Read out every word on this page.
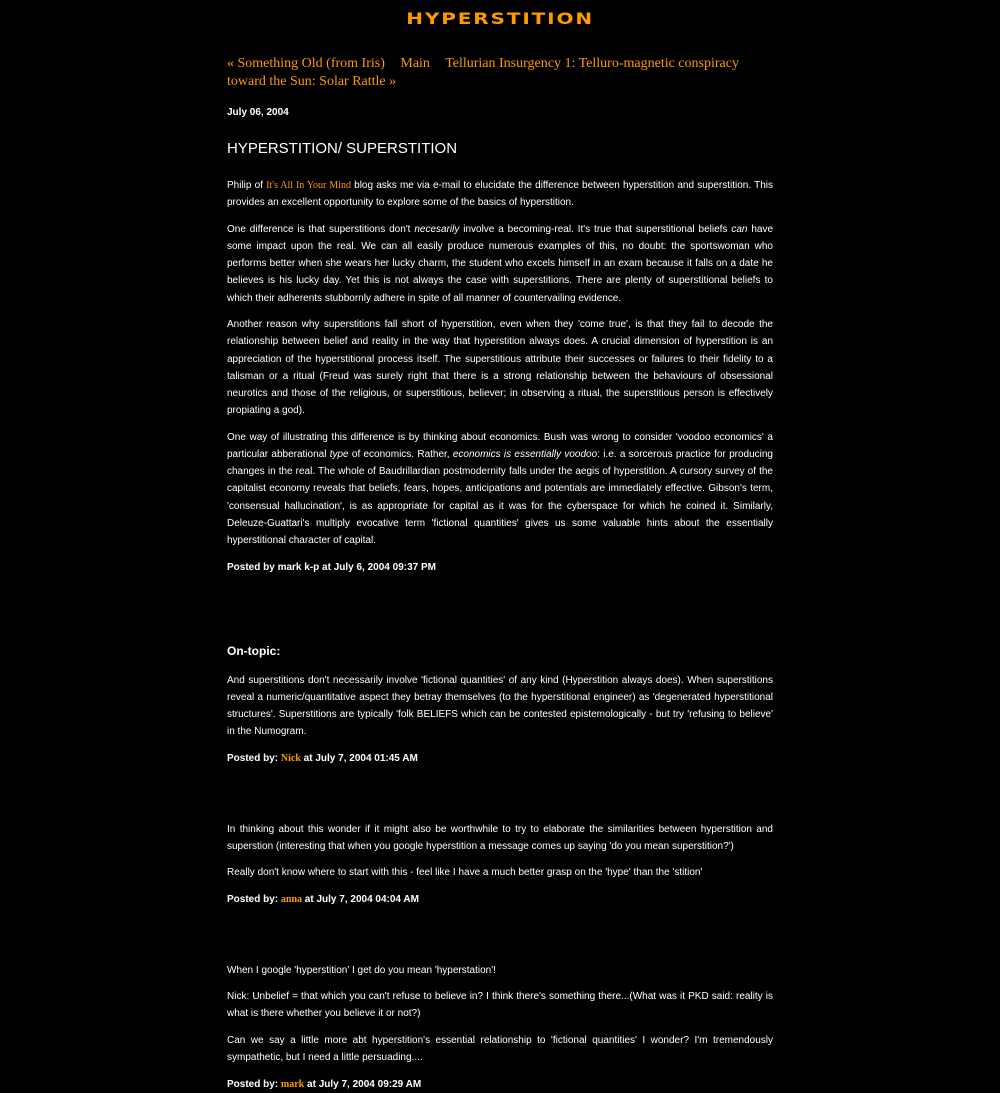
HYPERSTITION
« Something Old (from Iris) Main Tellurian Insurgency 1: Telluro-magnetic conspiracy toward the Sun: Solar Rattle »
July 06, 2004
HYPERSTITION/ SUPERSTITION

Philip of It's All In Your Mind blog asks me via e-mail to elucidate the difference between hyperstition and superstition. This provides an excellent opportunity to explore some of the basics of hyperstition.

One difference is that superstitions don't necesarily involve a becoming-real. It's true that superstitional beliefs can have some impact upon the real. We can all easily produce numerous examples of this, no doubt: the sportswoman who performs better when she wears her lucky charm, the student who excels himself in an exam because it falls on a date he believes is his lucky day. Yet this is not always the case with superstitions. There are plenty of superstitional beliefs to which their adherents stubbornly adhere in spite of all manner of countervailing evidence.

Another reason why superstitions fall short of hyperstition, even when they 'come true', is that they fail to decode the relationship between belief and reality in the way that hyperstition always does. A crucial dimension of hyperstition is an appreciation of the hyperstitional process itself. The superstitious attribute their successes or failures to their fidelity to a talisman or a ritual (Freud was surely right that there is a strong relationship between the behaviours of obsessional neurotics and those of the religious, or superstitious, believer; in observing a ritual, the superstitious person is effectively propiating a god).

One way of illustrating this difference is by thinking about economics. Bush was wrong to consider 'voodoo economics' a particular abberational type of economics. Rather, economics is essentially voodoo: i.e. a sorcerous practice for producing changes in the real. The whole of Baudrillardian postmodernity falls under the aegis of hyperstition. A cursory survey of the capitalist economy reveals that beliefs, fears, hopes, anticipations and potentials are immediately effective. Gibson's term, 'consensual hallucination', is as appropriate for capital as it was for the cyberspace for which he coined it. Similarly, Deleuze-Guattari's multiply evocative term 'fictional quantities' gives us some valuable hints about the essentially hyperstitional character of capital.

Posted by mark k-p at July 6, 2004 09:37 PM
On-topic:

And superstitions don't necessarily involve 'fictional quantities' of any kind (Hyperstition always does). When superstitions reveal a numeric/quantitative aspect they betray themselves (to the hyperstitional engineer) as 'degenerated hyperstitional structures'. Superstitions are typically 'folk BELIEFS which can be contested epistemologically - but try 'refusing to believe' in the Numogram.

Posted by: Nick at July 7, 2004 01:45 AM

In thinking about this wonder if it might also be worthwhile to try to elaborate the similarities between hyperstition and superstion (interesting that when you google hyperstition a message comes up saying 'do you mean superstition?')

Really don't know where to start with this - feel like I have a much better grasp on the 'hype' than the 'stition'

Posted by: anna at July 7, 2004 04:04 AM

When I google 'hyperstition' I get do you mean 'hyperstation'!

Nick: Unbelief = that which you can't refuse to believe in? I think there's something there...(What was it PKD said: reality is what is there whether you believe it or not?)

Can we say a little more abt hyperstition's essential relationship to 'fictional quantities' I wonder? I'm tremendously sympathetic, but I need a little persuading....

Posted by: mark at July 7, 2004 09:29 AM
